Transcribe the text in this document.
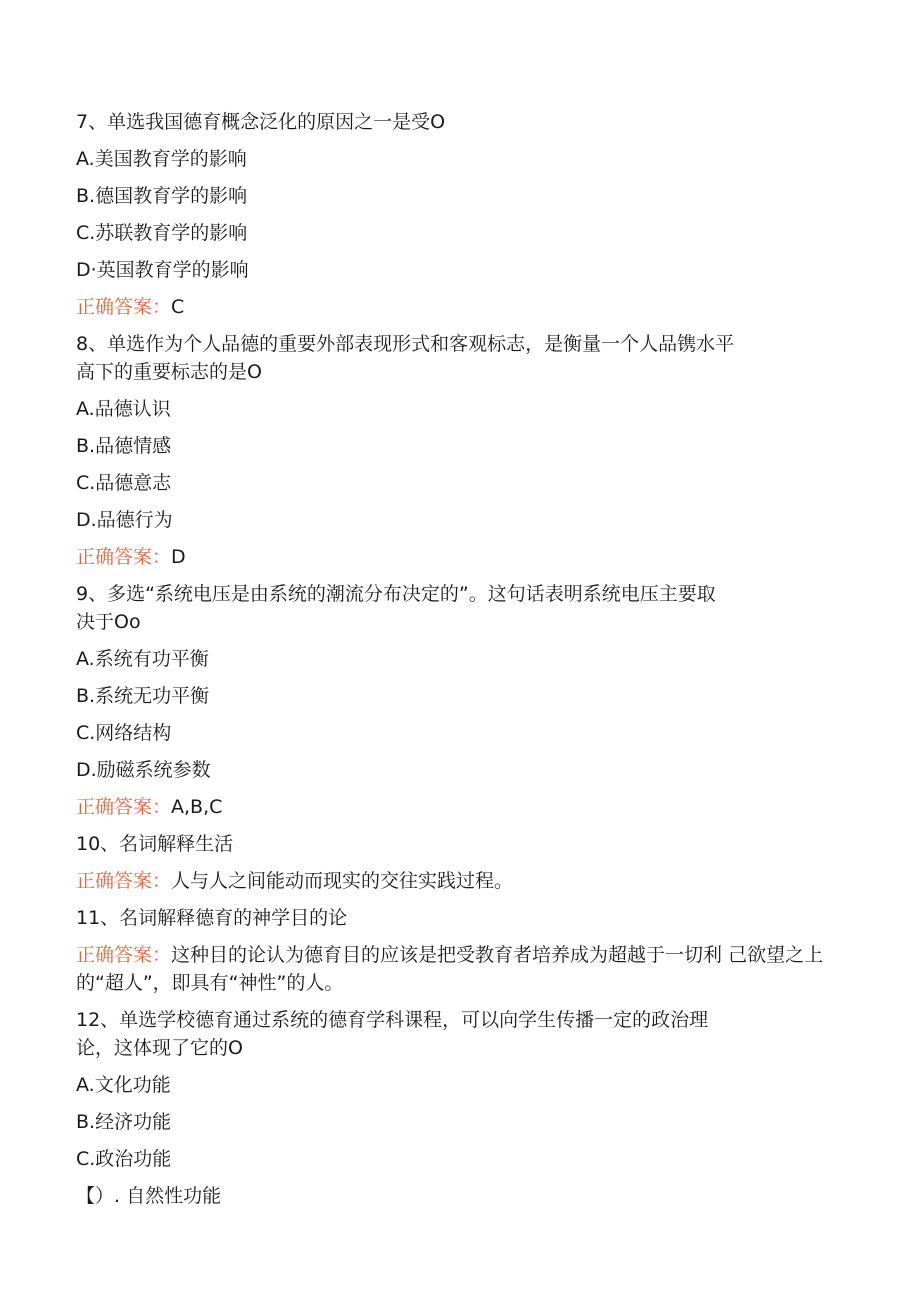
7、单选我国德育概念泛化的原因之一是受O
A.美国教育学的影响
B.德国教育学的影响
C.苏联教育学的影响
D·英国教育学的影响
正确答案：C
8、单选作为个人品德的重要外部表现形式和客观标志，是衡量一个人品镌水平
高下的重要标志的是O
A.品德认识
B.品德情感
C.品德意志
D.品德行为
正确答案：D
9、多选“系统电压是由系统的潮流分布决定的”。这句话表明系统电压主要取
决于Oo
A.系统有功平衡
B.系统无功平衡
C.网络结构
D.励磁系统参数
正确答案：A,B,C
10、名词解释生活
正确答案：人与人之间能动而现实的交往实践过程。
11、名词解释德育的神学目的论
正确答案：这种目的论认为德育目的应该是把受教育者培养成为超越于一切利 己欲望之上的“超人”，即具有“神性”的人。
12、单选学校德育通过系统的德育学科课程，可以向学生传播一定的政治理
论，这体现了它的O
A.文化功能
B.经济功能
C.政治功能
【）. 自然性功能
